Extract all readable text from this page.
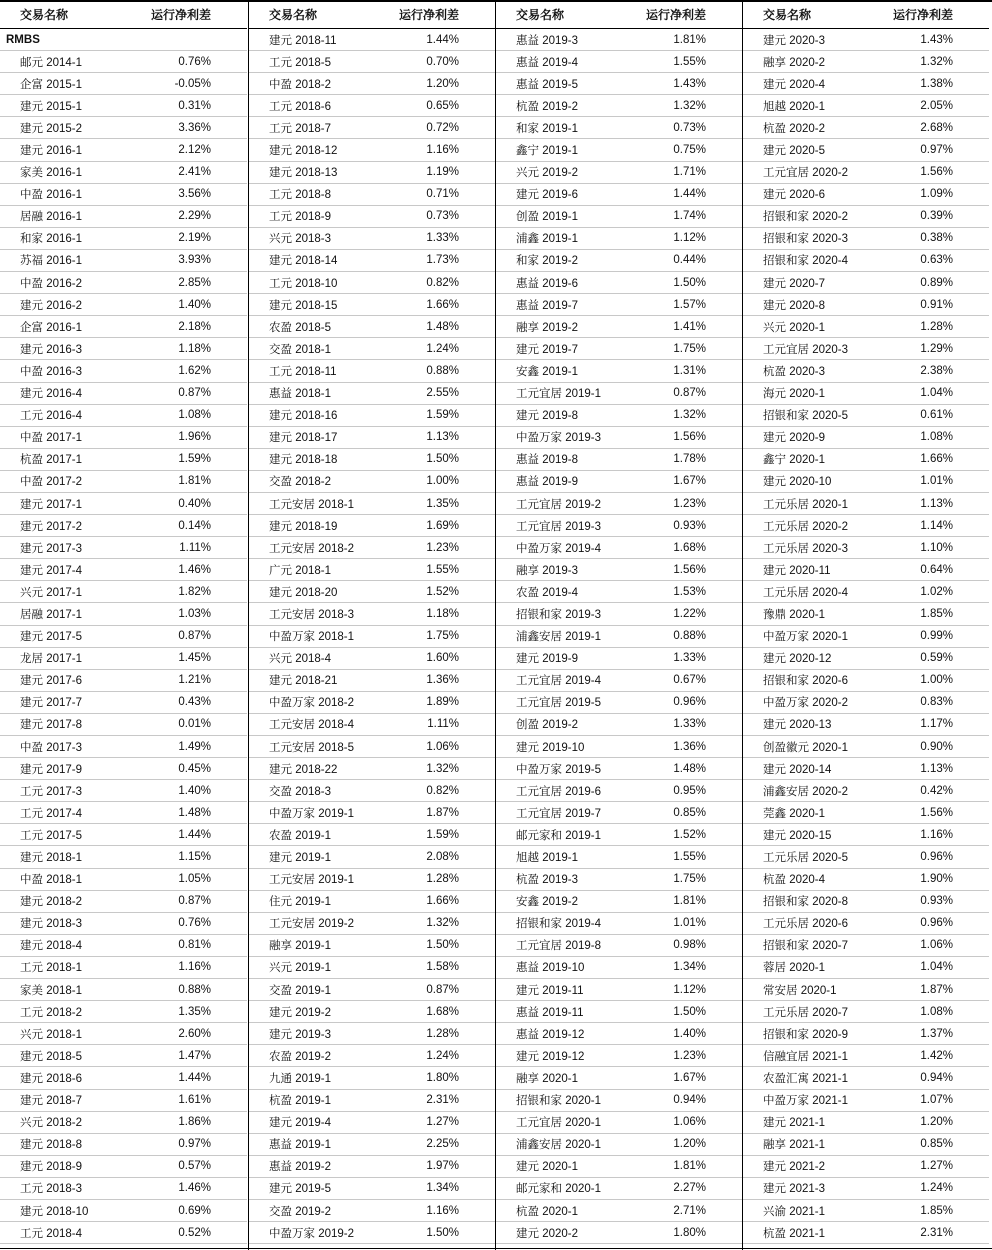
交易名称	运行净利差
RMBS
邮元 2014-1	0.76%
企富 2015-1	-0.05%
建元 2015-1	0.31%
建元 2015-2	3.36%
建元 2016-1	2.12%
家美 2016-1	2.41%
中盈 2016-1	3.56%
居融 2016-1	2.29%
和家 2016-1	2.19%
苏福 2016-1	3.93%
中盈 2016-2	2.85%
建元 2016-2	1.40%
企富 2016-1	2.18%
建元 2016-3	1.18%
中盈 2016-3	1.62%
建元 2016-4	0.87%
工元 2016-4	1.08%
中盈 2017-1	1.96%
杭盈 2017-1	1.59%
中盈 2017-2	1.81%
建元 2017-1	0.40%
建元 2017-2	0.14%
建元 2017-3	1.11%
建元 2017-4	1.46%
兴元 2017-1	1.82%
居融 2017-1	1.03%
建元 2017-5	0.87%
龙居 2017-1	1.45%
建元 2017-6	1.21%
建元 2017-7	0.43%
建元 2017-8	0.01%
中盈 2017-3	1.49%
建元 2017-9	0.45%
工元 2017-3	1.40%
工元 2017-4	1.48%
工元 2017-5	1.44%
建元 2018-1	1.15%
中盈 2018-1	1.05%
建元 2018-2	0.87%
建元 2018-3	0.76%
建元 2018-4	0.81%
工元 2018-1	1.16%
家美 2018-1	0.88%
工元 2018-2	1.35%
兴元 2018-1	2.60%
建元 2018-5	1.47%
建元 2018-6	1.44%
建元 2018-7	1.61%
兴元 2018-2	1.86%
建元 2018-8	0.97%
建元 2018-9	0.57%
工元 2018-3	1.46%
建元 2018-10	0.69%
工元 2018-4	0.52%
交易名称	运行净利差
建元 2018-11	1.44%
工元 2018-5	0.70%
中盈 2018-2	1.20%
工元 2018-6	0.65%
工元 2018-7	0.72%
建元 2018-12	1.16%
建元 2018-13	1.19%
工元 2018-8	0.71%
工元 2018-9	0.73%
兴元 2018-3	1.33%
建元 2018-14	1.73%
工元 2018-10	0.82%
建元 2018-15	1.66%
农盈 2018-5	1.48%
交盈 2018-1	1.24%
工元 2018-11	0.88%
惠益 2018-1	2.55%
建元 2018-16	1.59%
建元 2018-17	1.13%
建元 2018-18	1.50%
交盈 2018-2	1.00%
工元安居 2018-1	1.35%
建元 2018-19	1.69%
工元安居 2018-2	1.23%
广元 2018-1	1.55%
建元 2018-20	1.52%
工元安居 2018-3	1.18%
中盈万家 2018-1	1.75%
兴元 2018-4	1.60%
建元 2018-21	1.36%
中盈万家 2018-2	1.89%
工元安居 2018-4	1.11%
工元安居 2018-5	1.06%
建元 2018-22	1.32%
交盈 2018-3	0.82%
中盈万家 2019-1	1.87%
农盈 2019-1	1.59%
建元 2019-1	2.08%
工元安居 2019-1	1.28%
住元 2019-1	1.66%
工元安居 2019-2	1.32%
融享 2019-1	1.50%
兴元 2019-1	1.58%
交盈 2019-1	0.87%
建元 2019-2	1.68%
建元 2019-3	1.28%
农盈 2019-2	1.24%
九通 2019-1	1.80%
杭盈 2019-1	2.31%
建元 2019-4	1.27%
惠益 2019-1	2.25%
惠益 2019-2	1.97%
建元 2019-5	1.34%
交盈 2019-2	1.16%
中盈万家 2019-2	1.50%
交易名称	运行净利差
惠益 2019-3	1.81%
惠益 2019-4	1.55%
惠益 2019-5	1.43%
杭盈 2019-2	1.32%
和家 2019-1	0.73%
鑫宁 2019-1	0.75%
兴元 2019-2	1.71%
建元 2019-6	1.44%
创盈 2019-1	1.74%
浦鑫 2019-1	1.12%
和家 2019-2	0.44%
惠益 2019-6	1.50%
惠益 2019-7	1.57%
融享 2019-2	1.41%
建元 2019-7	1.75%
安鑫 2019-1	1.31%
工元宜居 2019-1	0.87%
建元 2019-8	1.32%
中盈万家 2019-3	1.56%
惠益 2019-8	1.78%
惠益 2019-9	1.67%
工元宜居 2019-2	1.23%
工元宜居 2019-3	0.93%
中盈万家 2019-4	1.68%
融享 2019-3	1.56%
农盈 2019-4	1.53%
招银和家 2019-3	1.22%
浦鑫安居 2019-1	0.88%
建元 2019-9	1.33%
工元宜居 2019-4	0.67%
工元宜居 2019-5	0.96%
创盈 2019-2	1.33%
建元 2019-10	1.36%
中盈万家 2019-5	1.48%
工元宜居 2019-6	0.95%
工元宜居 2019-7	0.85%
邮元家和 2019-1	1.52%
旭越 2019-1	1.55%
杭盈 2019-3	1.75%
安鑫 2019-2	1.81%
招银和家 2019-4	1.01%
工元宜居 2019-8	0.98%
惠益 2019-10	1.34%
建元 2019-11	1.12%
惠益 2019-11	1.50%
惠益 2019-12	1.40%
建元 2019-12	1.23%
融享 2020-1	1.67%
招银和家 2020-1	0.94%
工元宜居 2020-1	1.06%
浦鑫安居 2020-1	1.20%
建元 2020-1	1.81%
邮元家和 2020-1	2.27%
杭盈 2020-1	2.71%
建元 2020-2	1.80%
交易名称	运行净利差
建元 2020-3	1.43%
融享 2020-2	1.32%
建元 2020-4	1.38%
旭越 2020-1	2.05%
杭盈 2020-2	2.68%
建元 2020-5	0.97%
工元宜居 2020-2	1.56%
建元 2020-6	1.09%
招银和家 2020-2	0.39%
招银和家 2020-3	0.38%
招银和家 2020-4	0.63%
建元 2020-7	0.89%
建元 2020-8	0.91%
兴元 2020-1	1.28%
工元宜居 2020-3	1.29%
杭盈 2020-3	2.38%
海元 2020-1	1.04%
招银和家 2020-5	0.61%
建元 2020-9	1.08%
鑫宁 2020-1	1.66%
建元 2020-10	1.01%
工元乐居 2020-1	1.13%
工元乐居 2020-2	1.14%
工元乐居 2020-3	1.10%
建元 2020-11	0.64%
工元乐居 2020-4	1.02%
豫鼎 2020-1	1.85%
中盈万家 2020-1	0.99%
建元 2020-12	0.59%
招银和家 2020-6	1.00%
中盈万家 2020-2	0.83%
建元 2020-13	1.17%
创盈徽元 2020-1	0.90%
建元 2020-14	1.13%
浦鑫安居 2020-2	0.42%
莞鑫 2020-1	1.56%
建元 2020-15	1.16%
工元乐居 2020-5	0.96%
杭盈 2020-4	1.90%
招银和家 2020-8	0.93%
工元乐居 2020-6	0.96%
招银和家 2020-7	1.06%
蓉居 2020-1	1.04%
常安居 2020-1	1.87%
工元乐居 2020-7	1.08%
招银和家 2020-9	1.37%
信融宜居 2021-1	1.42%
农盈汇寓 2021-1	0.94%
中盈万家 2021-1	1.07%
建元 2021-1	1.20%
融享 2021-1	0.85%
建元 2021-2	1.27%
建元 2021-3	1.24%
兴渝 2021-1	1.85%
杭盈 2021-1	2.31%
